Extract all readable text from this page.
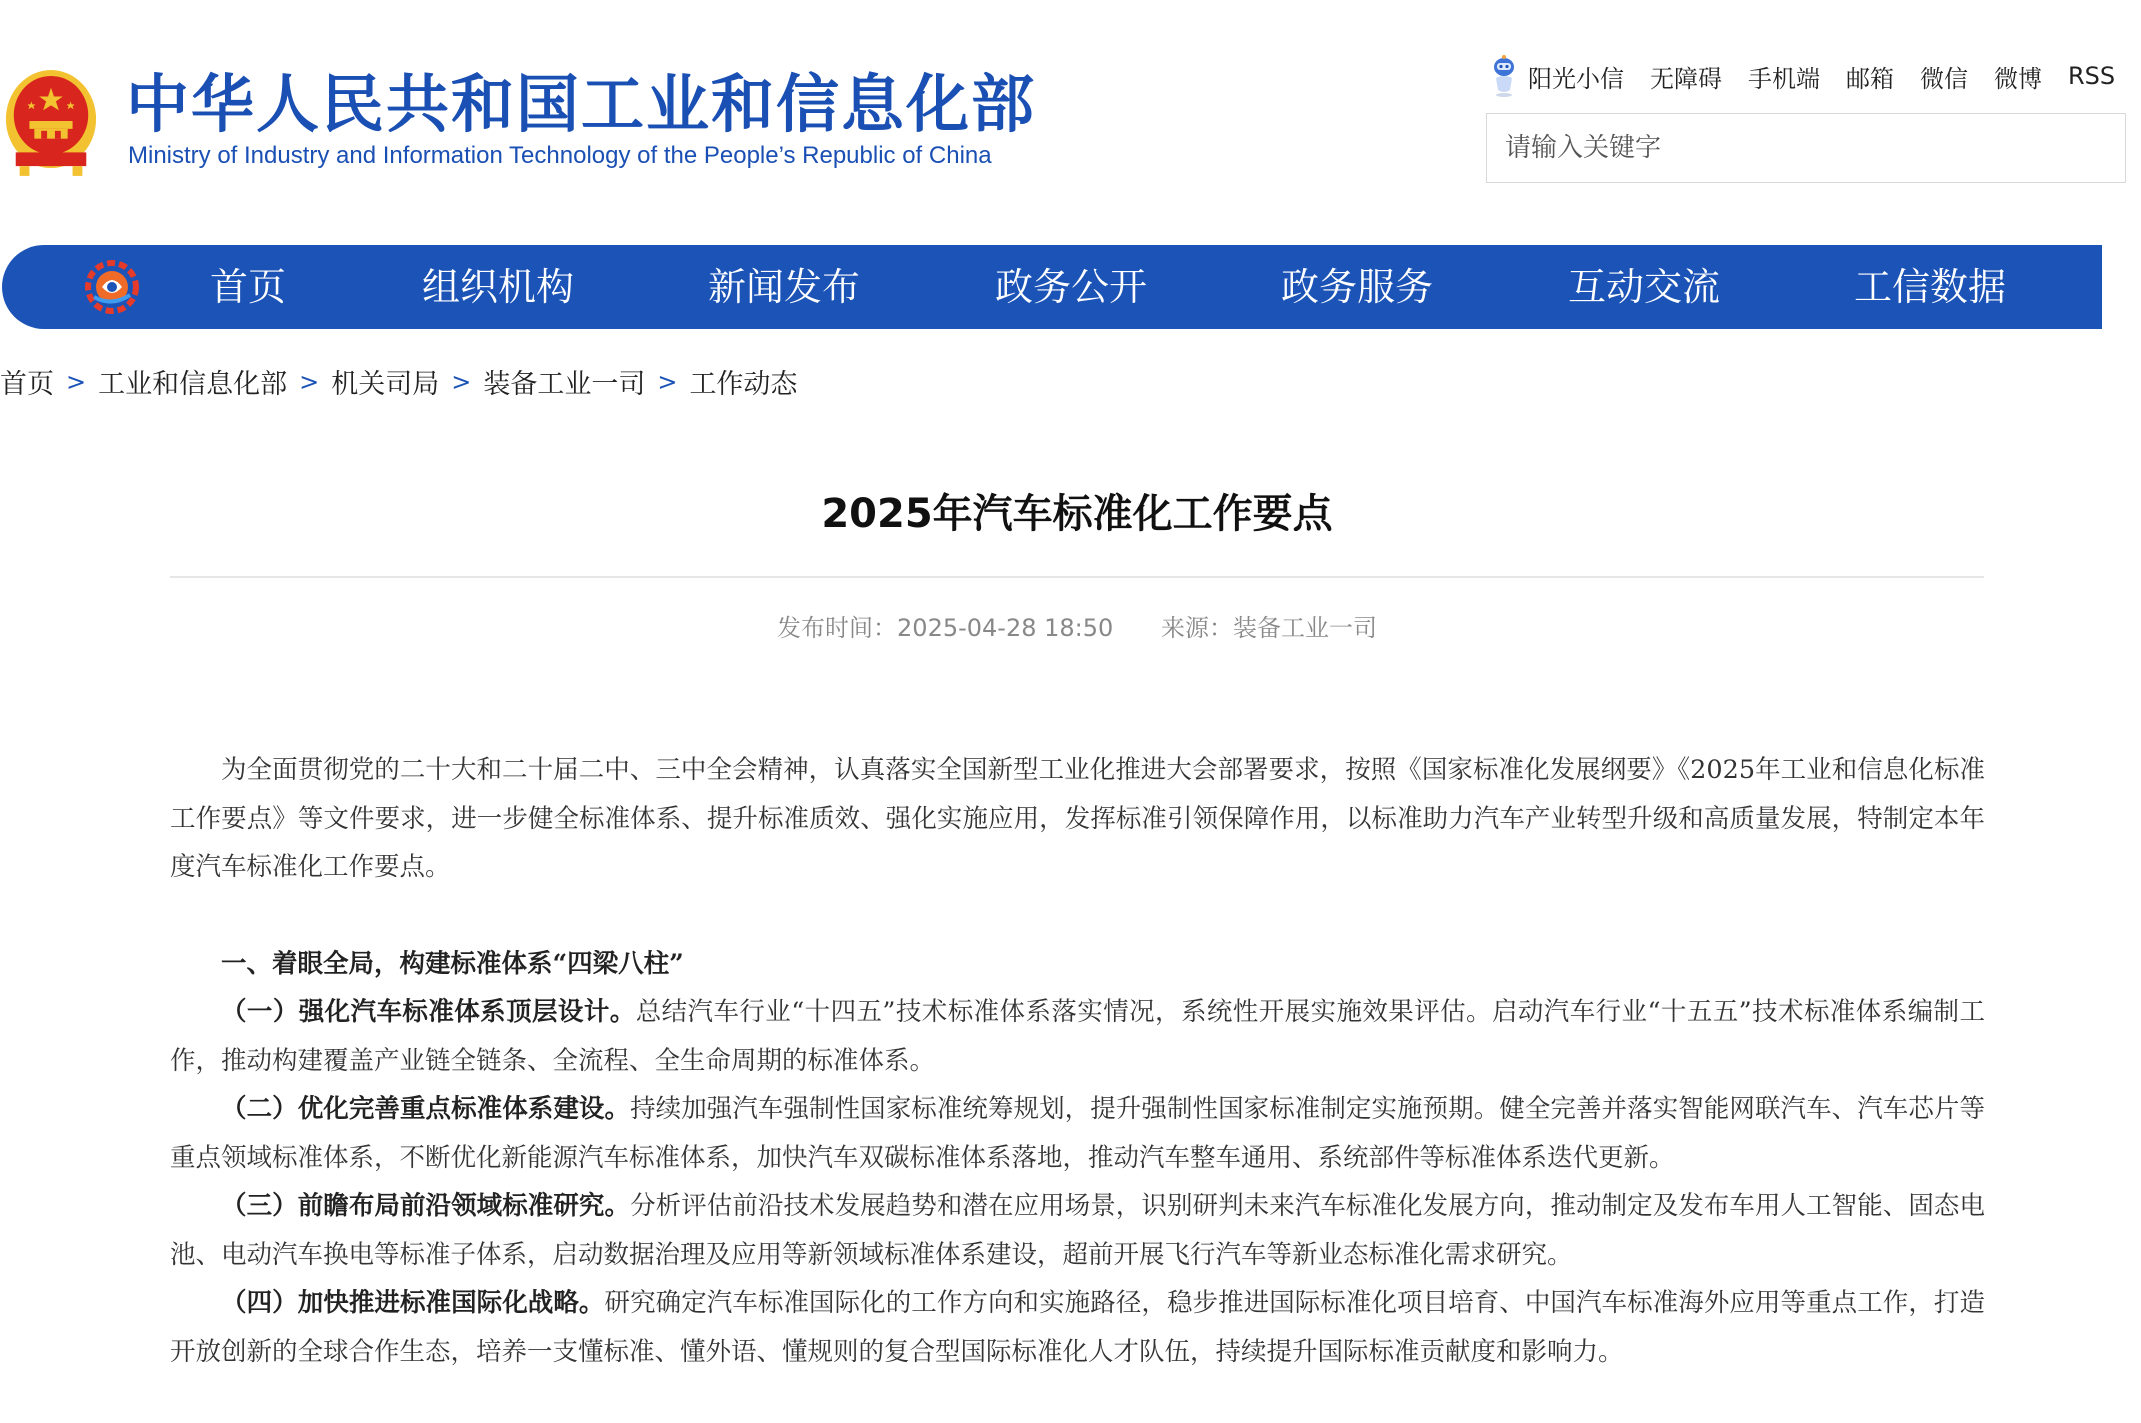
中华人民共和国工业和信息化部
Ministry of Industry and Information Technology of the People’s Republic of China
阳光小信 无障碍 手机端 邮箱 微信 微博 RSS
请输入关键字
首页	组织机构	新闻发布	政务公开	政务服务	互动交流	工信数据
首页 > 工业和信息化部 > 机关司局 > 装备工业一司 > 工作动态
2025年汽车标准化工作要点
发布时间：2025-04-28 18:50 来源：装备工业一司

为全面贯彻党的二十大和二十届二中、三中全会精神，认真落实全国新型工业化推进大会部署要求，按照《国家标准化发展纲要》《2025年工业和信息化标准工作要点》等文件要求，进一步健全标准体系、提升标准质效、强化实施应用，发挥标准引领保障作用，以标准助力汽车产业转型升级和高质量发展，特制定本年度汽车标准化工作要点。

一、着眼全局，构建标准体系“四梁八柱”

（一）强化汽车标准体系顶层设计。总结汽车行业“十四五”技术标准体系落实情况，系统性开展实施效果评估。启动汽车行业“十五五”技术标准体系编制工作，推动构建覆盖产业链全链条、全流程、全生命周期的标准体系。

（二）优化完善重点标准体系建设。持续加强汽车强制性国家标准统筹规划，提升强制性国家标准制定实施预期。健全完善并落实智能网联汽车、汽车芯片等重点领域标准体系，不断优化新能源汽车标准体系，加快汽车双碳标准体系落地，推动汽车整车通用、系统部件等标准体系迭代更新。

（三）前瞻布局前沿领域标准研究。分析评估前沿技术发展趋势和潜在应用场景，识别研判未来汽车标准化发展方向，推动制定及发布车用人工智能、固态电池、电动汽车换电等标准子体系，启动数据治理及应用等新领域标准体系建设，超前开展飞行汽车等新业态标准化需求研究。

（四）加快推进标准国际化战略。研究确定汽车标准国际化的工作方向和实施路径，稳步推进国际标准化项目培育、中国汽车标准海外应用等重点工作，打造开放创新的全球合作生态，培养一支懂标准、懂外语、懂规则的复合型国际标准化人才队伍，持续提升国际标准贡献度和影响力。
